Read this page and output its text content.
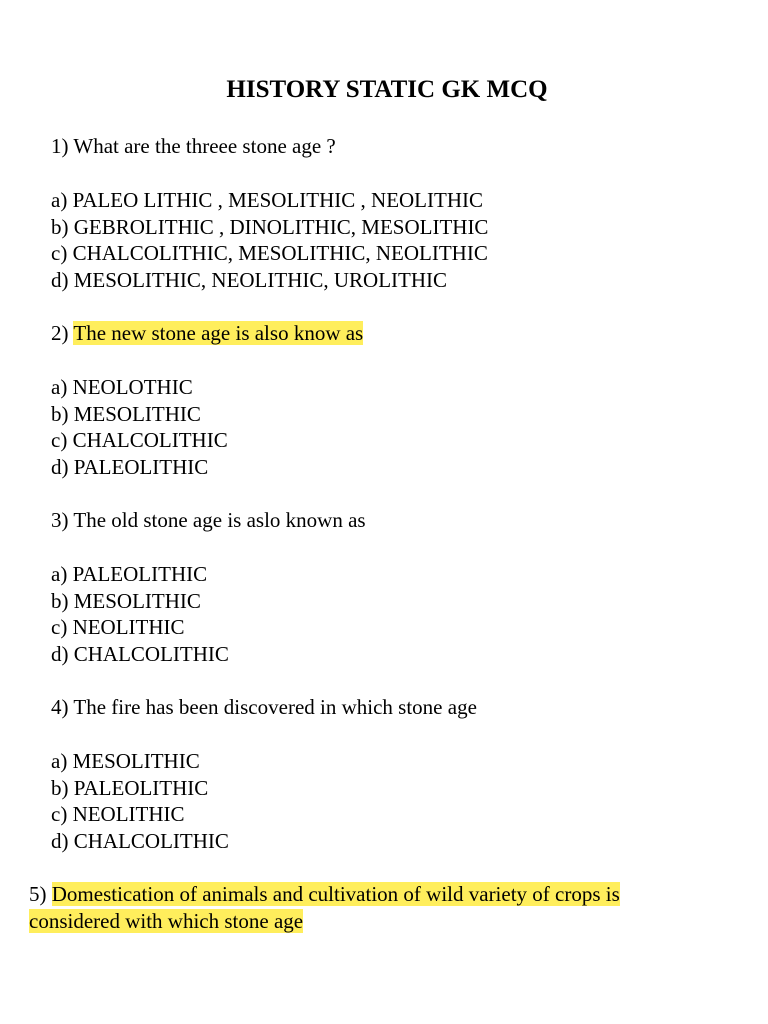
HISTORY STATIC GK MCQ
1) What are the threee stone age ?
a) PALEO LITHIC , MESOLITHIC , NEOLITHIC
b) GEBROLITHIC , DINOLITHIC, MESOLITHIC
c) CHALCOLITHIC, MESOLITHIC, NEOLITHIC
d) MESOLITHIC, NEOLITHIC, UROLITHIC
2) The new stone age is also know as
a) NEOLOTHIC
b) MESOLITHIC
c) CHALCOLITHIC
d) PALEOLITHIC
3) The old stone age is aslo known as
a) PALEOLITHIC
b) MESOLITHIC
c) NEOLITHIC
d) CHALCOLITHIC
4) The fire has been discovered in which stone age
a) MESOLITHIC
b) PALEOLITHIC
c) NEOLITHIC
d) CHALCOLITHIC
5) Domestication of animals and cultivation of wild variety of crops is
considered with which stone age
